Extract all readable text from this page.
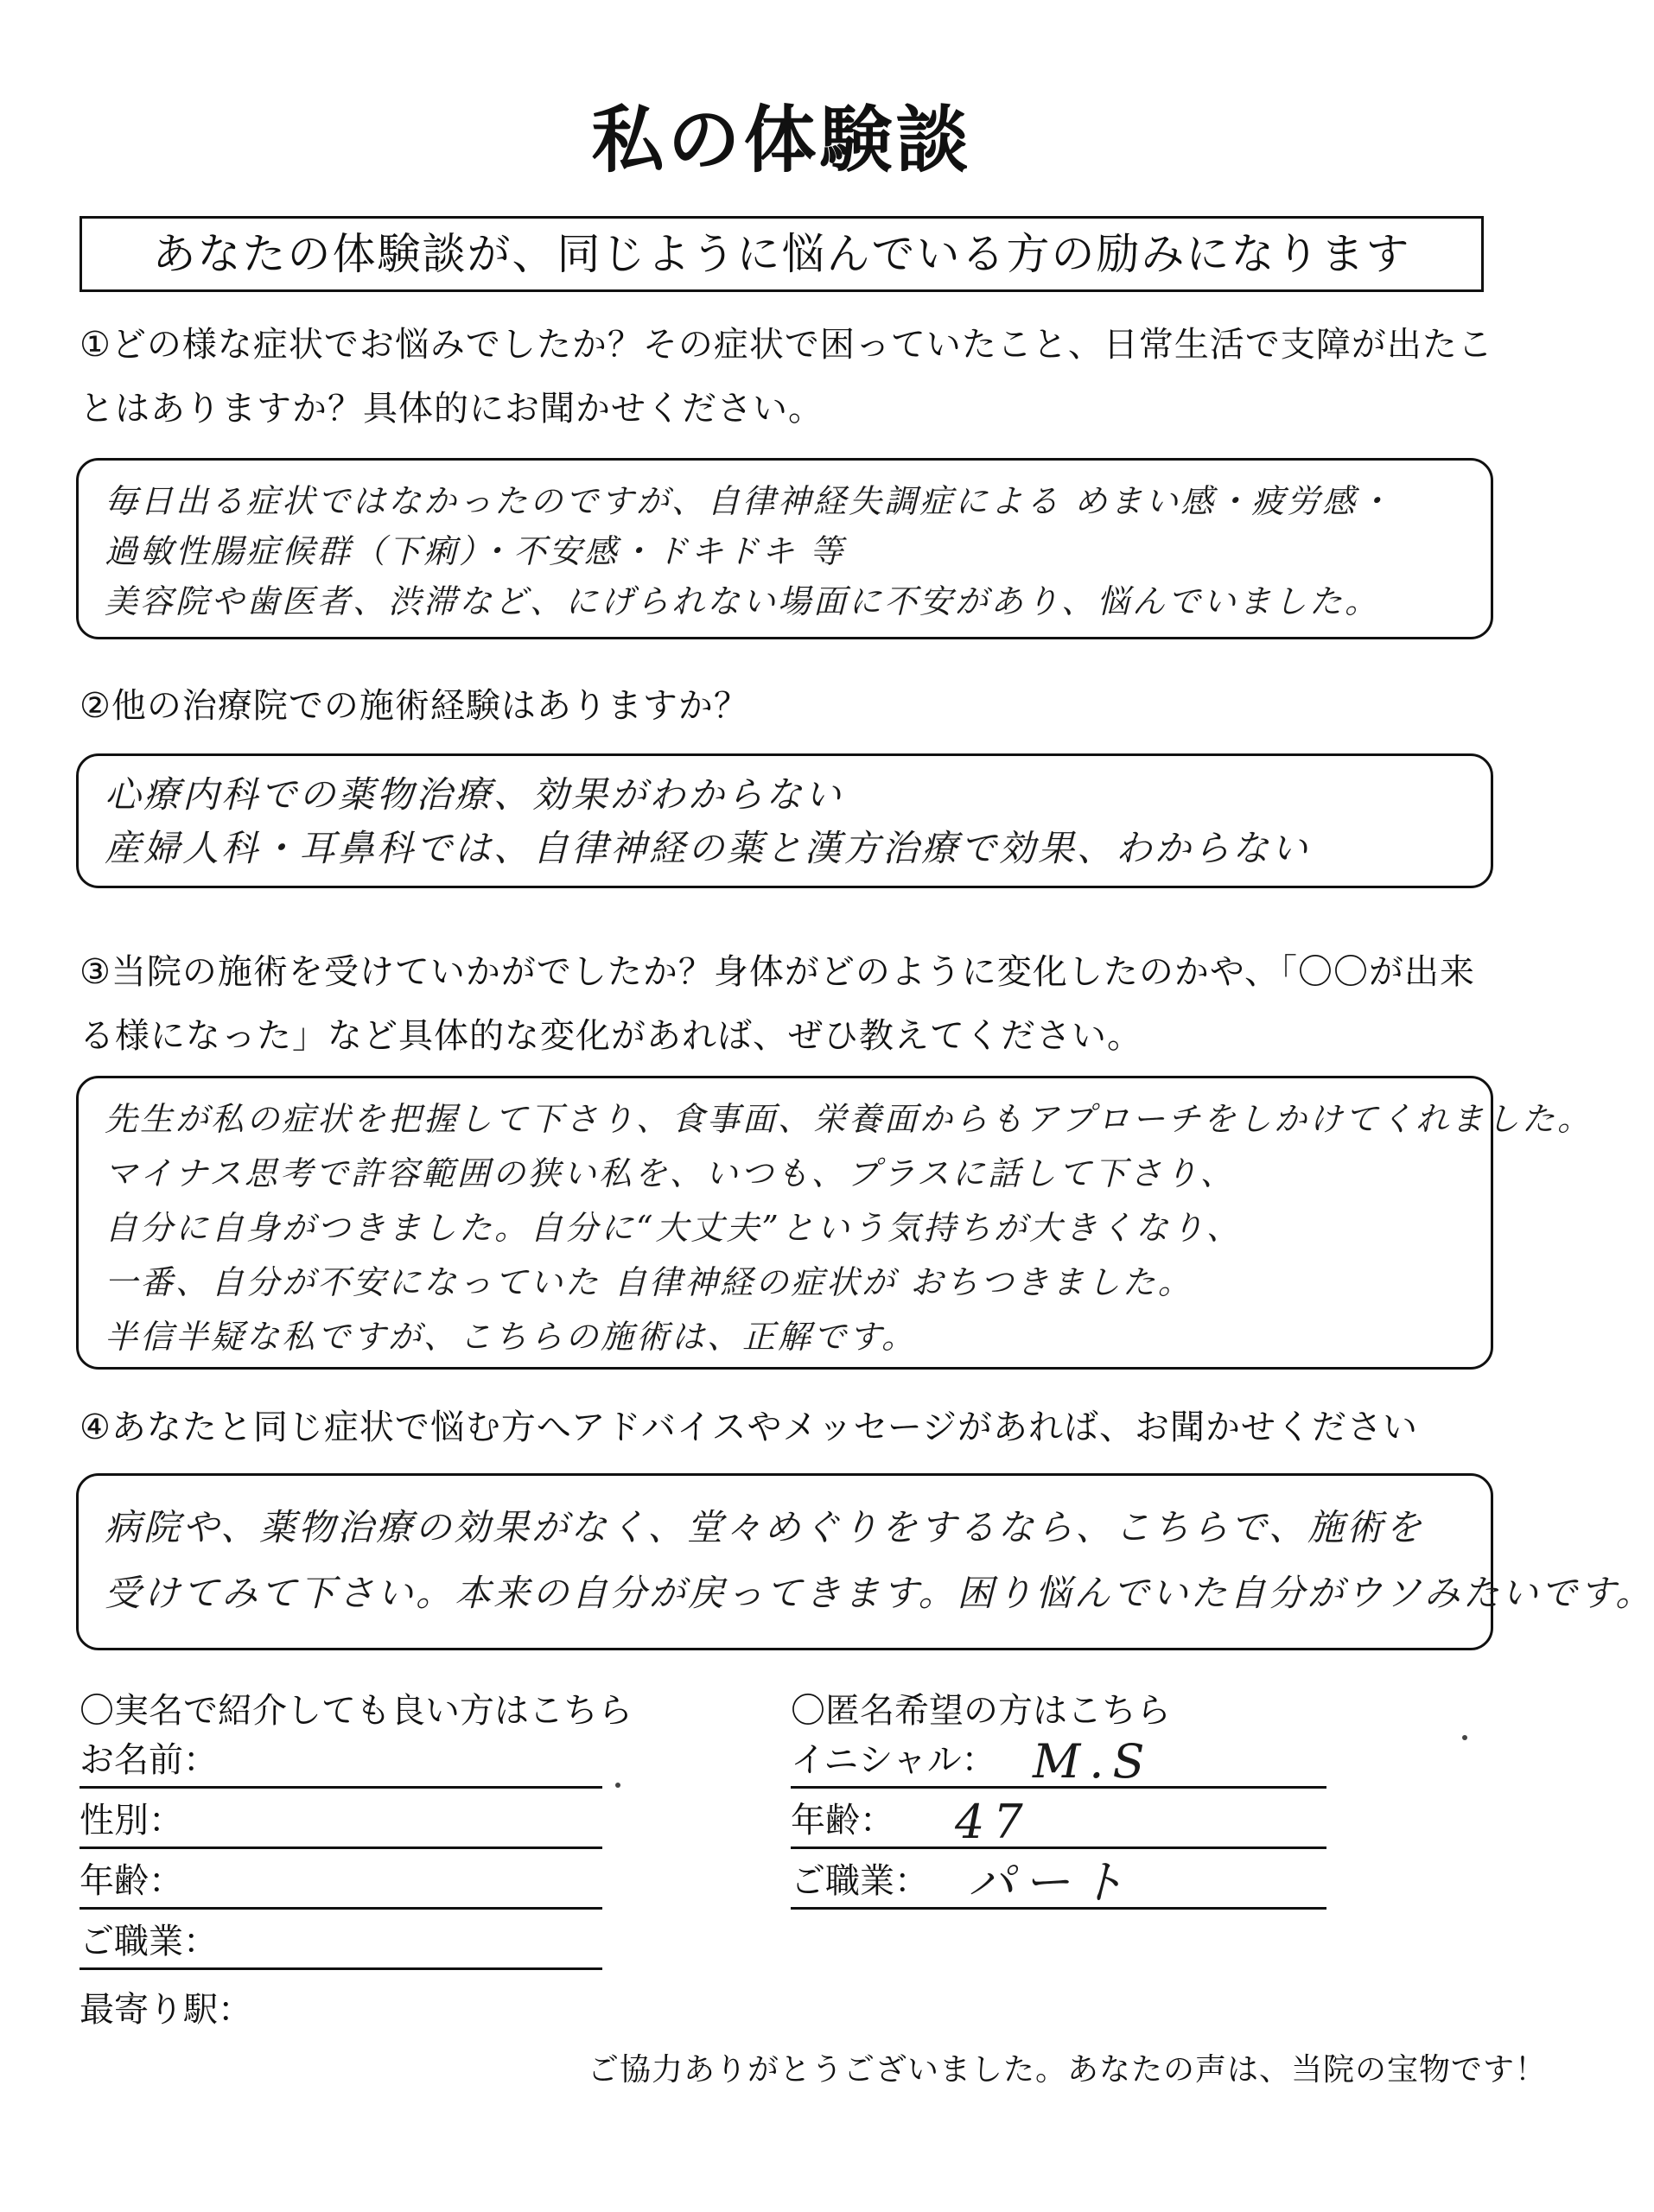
私の体験談
あなたの体験談が、同じように悩んでいる方の励みになります
①どの様な症状でお悩みでしたか？その症状で困っていたこと、日常生活で支障が出たことはありますか？具体的にお聞かせください。
毎日出る症状ではなかったのですが、自律神経失調症による めまい感・疲労感・
過敏性腸症候群（下痢）・不安感・ドキドキ 等
美容院や歯医者、渋滞など、にげられない場面に不安があり、悩んでいました。
②他の治療院での施術経験はありますか？
心療内科での薬物治療、効果がわからない
産婦人科・耳鼻科では、自律神経の薬と漢方治療で効果、わからない
③当院の施術を受けていかがでしたか？身体がどのように変化したのかや、「〇〇が出来る様になった」など具体的な変化があれば、ぜひ教えてください。
先生が私の症状を把握して下さり、食事面、栄養面からもアプローチをしかけてくれました。
マイナス思考で許容範囲の狭い私を、いつも、プラスに話して下さり、
自分に自身がつきました。自分に“大丈夫”という気持ちが大きくなり、
一番、自分が不安になっていた 自律神経の症状が おちつきました。
半信半疑な私ですが、こちらの施術は、正解です。
④あなたと同じ症状で悩む方へアドバイスやメッセージがあれば、お聞かせください
病院や、薬物治療の効果がなく、堂々めぐりをするなら、こちらで、施術を
受けてみて下さい。本来の自分が戻ってきます。困り悩んでいた自分がウソみたいです。
〇実名で紹介しても良い方はこちら
お名前：
性別：
年齢：
ご職業：
最寄り駅：
〇匿名希望の方はこちら
イニシャル： M.S
年齢： 47
ご職業： パート
ご協力ありがとうございました。あなたの声は、当院の宝物です！
